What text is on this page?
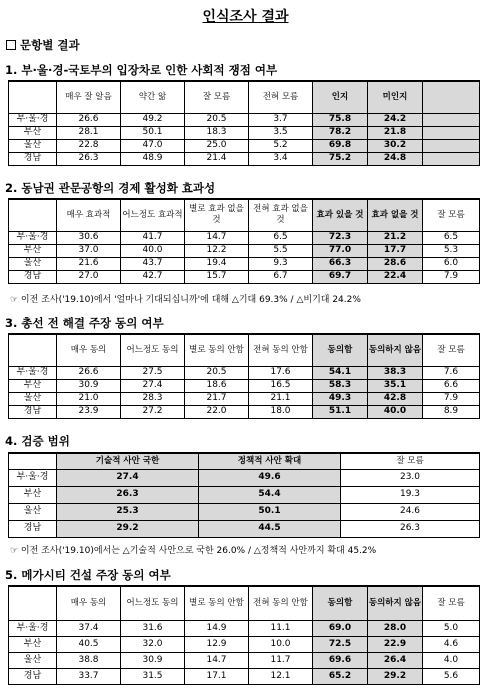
인식조사 결과
문항별 결과
1. 부·울·경-국토부의 입장차로 인한 사회적 쟁점 여부
	매우 잘 알음	약간 앎	잘 모름	전혀 모름	인지	미인지	
부·울·경	26.6	49.2	20.5	3.7	75.8	24.2	
부산	28.1	50.1	18.3	3.5	78.2	21.8	
울산	22.8	47.0	25.0	5.2	69.8	30.2	
경남	26.3	48.9	21.4	3.4	75.2	24.8	
2. 동남권 관문공항의 경제 활성화 효과성
	매우 효과적	어느정도 효과적	별로 효과 없을 것	전혀 효과 없을 것	효과 있을 것	효과 없을 것	잘 모름
부·울·경	30.6	41.7	14.7	6.5	72.3	21.2	6.5
부산	37.0	40.0	12.2	5.5	77.0	17.7	5.3
울산	21.6	43.7	19.4	9.3	66.3	28.6	6.0
경남	27.0	42.7	15.7	6.7	69.7	22.4	7.9
☞ 이전 조사('19.10)에서 '얼마나 기대되십니까'에 대해 △기대 69.3% / △비기대 24.2%
3. 총선 전 해결 주장 동의 여부
	매우 동의	어느정도 동의	별로 동의 안함	전혀 동의 안함	동의함	동의하지 않음	잘 모름
부·울·경	26.6	27.5	20.5	17.6	54.1	38.3	7.6
부산	30.9	27.4	18.6	16.5	58.3	35.1	6.6
울산	21.0	28.3	21.7	21.1	49.3	42.8	7.9
경남	23.9	27.2	22.0	18.0	51.1	40.0	8.9
4. 검증 범위
	기술적 사안 국한	정책적 사안 확대	잘 모름
부·울·경	27.4	49.6	23.0
부산	26.3	54.4	19.3
울산	25.3	50.1	24.6
경남	29.2	44.5	26.3
☞ 이전 조사('19.10)에서는 △기술적 사안으로 국한 26.0% / △정책적 사안까지 확대 45.2%
5. 메가시티 건설 주장 동의 여부
	매우 동의	어느정도 동의	별로 동의 안함	전혀 동의 안함	동의함	동의하지 않음	잘 모름
부·울·경	37.4	31.6	14.9	11.1	69.0	28.0	5.0
부산	40.5	32.0	12.9	10.0	72.5	22.9	4.6
울산	38.8	30.9	14.7	11.7	69.6	26.4	4.0
경남	33.7	31.5	17.1	12.1	65.2	29.2	5.6
